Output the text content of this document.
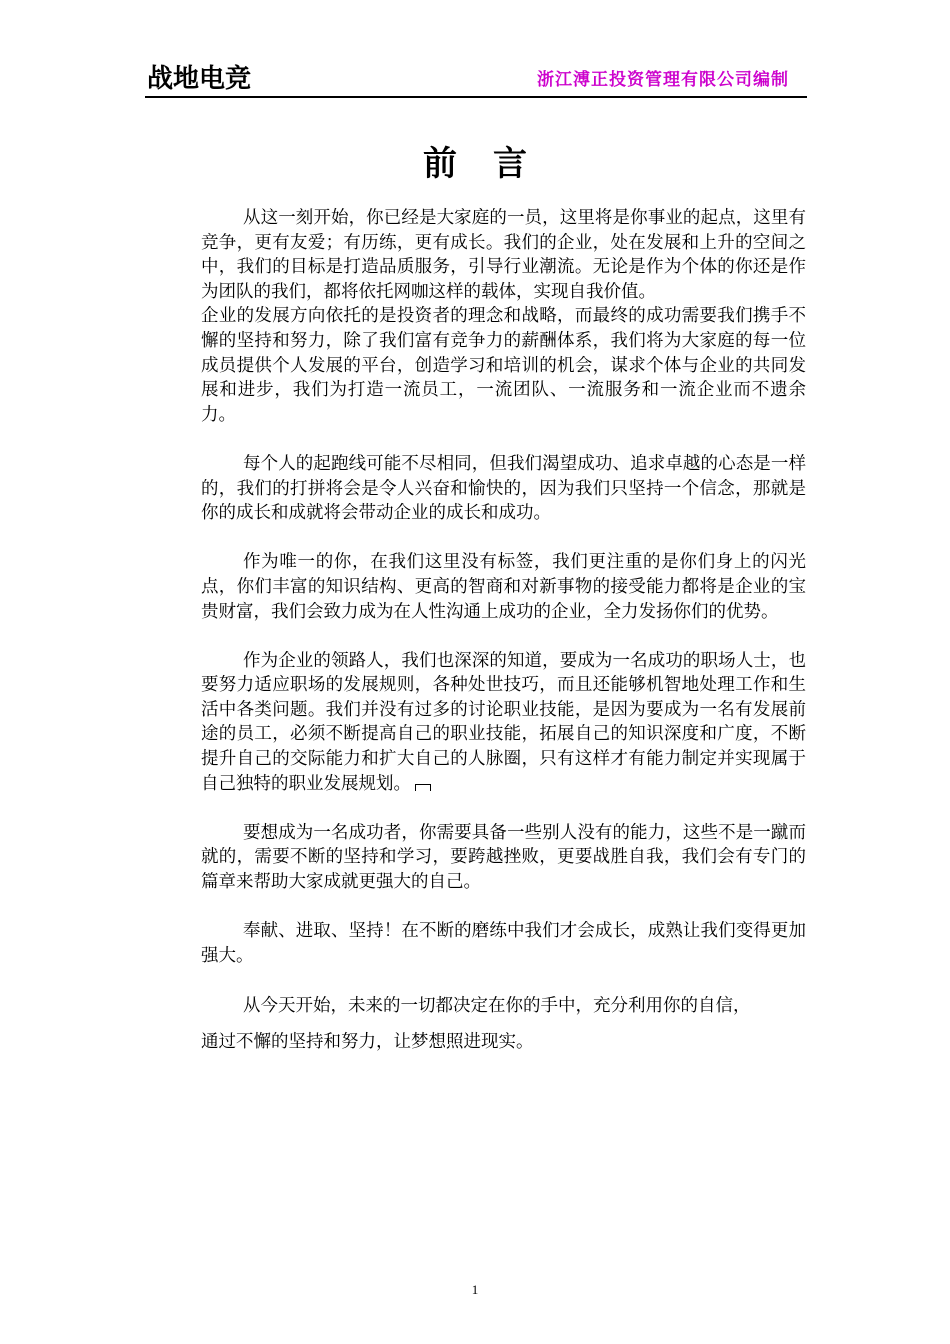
战地电竞	浙江溥正投资管理有限公司编制
前言

从这一刻开始，你已经是大家庭的一员，这里将是你事业的起点，这里有竞争，更有友爱；有历练，更有成长。我们的企业，处在发展和上升的空间之中，我们的目标是打造品质服务，引导行业潮流。无论是作为个体的你还是作为团队的我们，都将依托网咖这样的载体，实现自我价值。

企业的发展方向依托的是投资者的理念和战略，而最终的成功需要我们携手不懈的坚持和努力，除了我们富有竞争力的薪酬体系，我们将为大家庭的每一位成员提供个人发展的平台，创造学习和培训的机会，谋求个体与企业的共同发展和进步，我们为打造一流员工，一流团队、一流服务和一流企业而不遗余力。

每个人的起跑线可能不尽相同，但我们渴望成功、追求卓越的心态是一样的，我们的打拼将会是令人兴奋和愉快的，因为我们只坚持一个信念，那就是你的成长和成就将会带动企业的成长和成功。

作为唯一的你，在我们这里没有标签，我们更注重的是你们身上的闪光点，你们丰富的知识结构、更高的智商和对新事物的接受能力都将是企业的宝贵财富，我们会致力成为在人性沟通上成功的企业，全力发扬你们的优势。

作为企业的领路人，我们也深深的知道，要成为一名成功的职场人士，也要努力适应职场的发展规则，各种处世技巧，而且还能够机智地处理工作和生活中各类问题。我们并没有过多的讨论职业技能，是因为要成为一名有发展前途的员工，必须不断提高自己的职业技能，拓展自己的知识深度和广度，不断提升自己的交际能力和扩大自己的人脉圈，只有这样才有能力制定并实现属于自己独特的职业发展规划。

要想成为一名成功者，你需要具备一些别人没有的能力，这些不是一蹴而就的，需要不断的坚持和学习，要跨越挫败，更要战胜自我，我们会有专门的篇章来帮助大家成就更强大的自己。

奉献、进取、坚持！在不断的磨练中我们才会成长，成熟让我们变得更加强大。

从今天开始，未来的一切都决定在你的手中，充分利用你的自信，

通过不懈的坚持和努力，让梦想照进现实。

1
